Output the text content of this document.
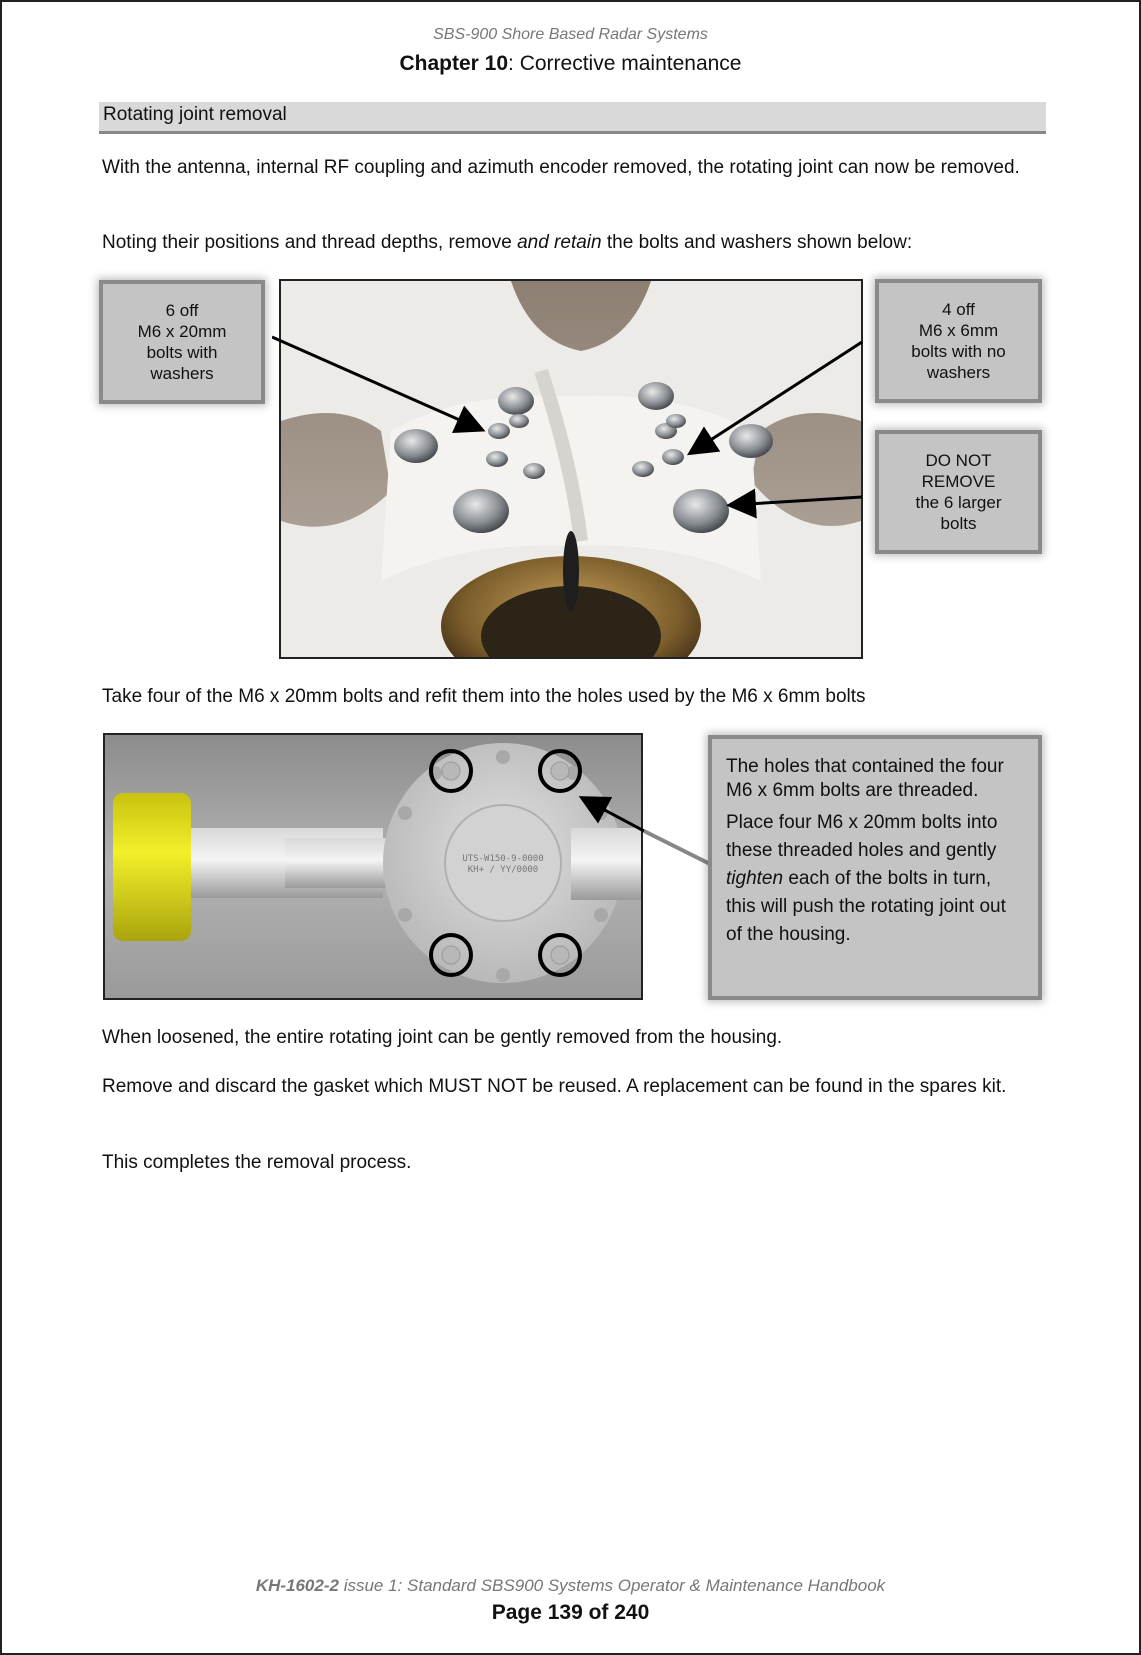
SBS-900 Shore Based Radar Systems
Chapter 10: Corrective maintenance
Rotating joint removal
With the antenna, internal RF coupling and azimuth encoder removed, the rotating joint can now be removed.
Noting their positions and thread depths, remove and retain the bolts and washers shown below:
6 off
M6 x 20mm
bolts with
washers
4 off
M6 x 6mm
bolts with no
washers
DO NOT
REMOVE
the 6 larger
bolts
Take four of the M6 x 20mm bolts and refit them into the holes used by the M6 x 6mm bolts
UTS-W150-9-0000
KH+ / YY/0000

The holes that contained the four M6 x 6mm bolts are threaded.

Place four M6 x 20mm bolts into these threaded holes and gently tighten each of the bolts in turn, this will push the rotating joint out of the housing.

When loosened, the entire rotating joint can be gently removed from the housing.
Remove and discard the gasket which MUST NOT be reused. A replacement can be found in the spares kit.
This completes the removal process.
KH-1602-2 issue 1: Standard SBS900 Systems Operator & Maintenance Handbook
Page 139 of 240
